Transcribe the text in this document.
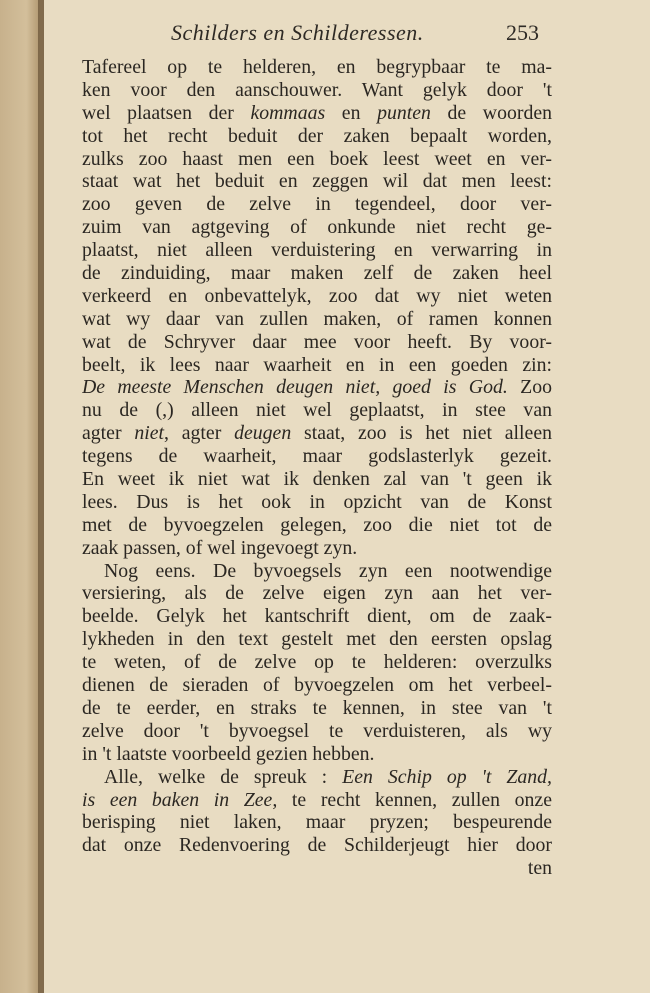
Schilders en Schilderessen.	253
Tafereel op te helderen, en begrypbaar te ma-
ken voor den aanschouwer. Want gelyk door 't
wel plaatsen der kommaas en punten de woorden
tot het recht beduit der zaken bepaalt worden,
zulks zoo haast men een boek leest weet en ver-
staat wat het beduit en zeggen wil dat men leest:
zoo geven de zelve in tegendeel, door ver-
zuim van agtgeving of onkunde niet recht ge-
plaatst, niet alleen verduistering en verwarring in
de zinduiding, maar maken zelf de zaken heel
verkeerd en onbevattelyk, zoo dat wy niet weten
wat wy daar van zullen maken, of ramen konnen
wat de Schryver daar mee voor heeft. By voor-
beelt, ik lees naar waarheit en in een goeden zin:
De meeste Menschen deugen niet, goed is God. Zoo
nu de (,) alleen niet wel geplaatst, in stee van
agter niet, agter deugen staat, zoo is het niet alleen
tegens de waarheit, maar godslasterlyk gezeit.
En weet ik niet wat ik denken zal van 't geen ik
lees. Dus is het ook in opzicht van de Konst
met de byvoegzelen gelegen, zoo die niet tot de
zaak passen, of wel ingevoegt zyn.
Nog eens. De byvoegsels zyn een nootwendige
versiering, als de zelve eigen zyn aan het ver-
beelde. Gelyk het kantschrift dient, om de zaak-
lykheden in den text gestelt met den eersten opslag
te weten, of de zelve op te helderen: overzulks
dienen de sieraden of byvoegzelen om het verbeel-
de te eerder, en straks te kennen, in stee van 't
zelve door 't byvoegsel te verduisteren, als wy
in 't laatste voorbeeld gezien hebben.
Alle, welke de spreuk : Een Schip op 't Zand,
is een baken in Zee, te recht kennen, zullen onze
berisping niet laken, maar pryzen; bespeurende
dat onze Redenvoering de Schilderjeugt hier door
ten
